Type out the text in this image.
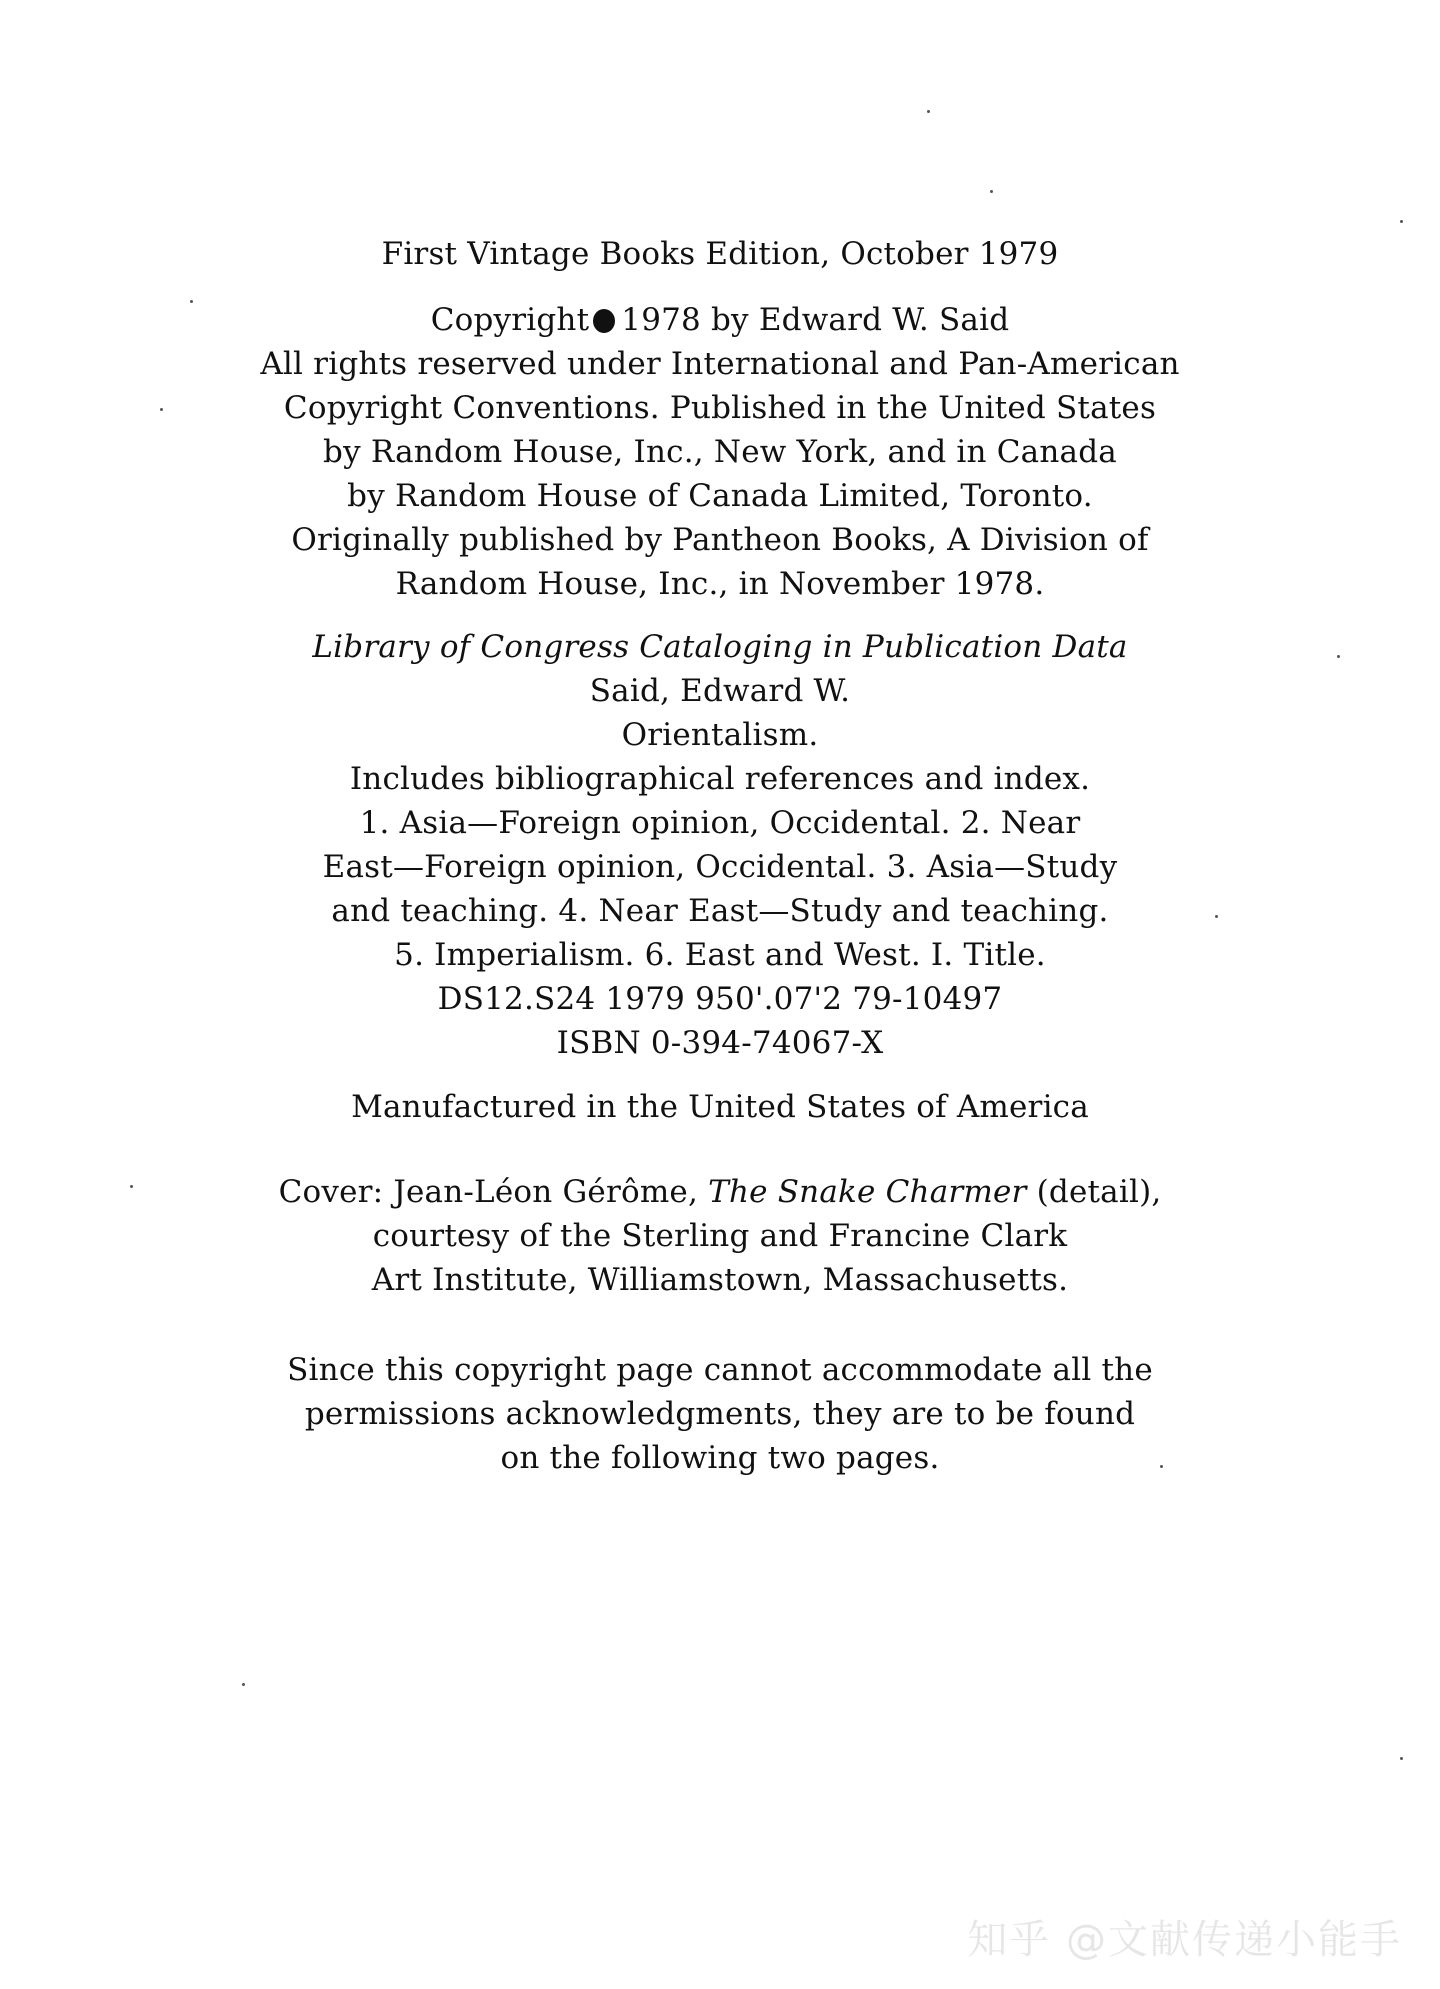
First Vintage Books Edition, October 1979
Copyright 1978 by Edward W. Said
All rights reserved under International and Pan-American
Copyright Conventions. Published in the United States
by Random House, Inc., New York, and in Canada
by Random House of Canada Limited, Toronto.
Originally published by Pantheon Books, A Division of
Random House, Inc., in November 1978.
Library of Congress Cataloging in Publication Data
Said, Edward W.
Orientalism.
Includes bibliographical references and index.
1. Asia—Foreign opinion, Occidental. 2. Near
East—Foreign opinion, Occidental. 3. Asia—Study
and teaching. 4. Near East—Study and teaching.
5. Imperialism. 6. East and West. I. Title.
DS12.S24 1979 950'.07'2 79-10497
ISBN 0-394-74067-X
Manufactured in the United States of America
Cover: Jean-Léon Gérôme, The Snake Charmer (detail),
courtesy of the Sterling and Francine Clark
Art Institute, Williamstown, Massachusetts.
Since this copyright page cannot accommodate all the
permissions acknowledgments, they are to be found
on the following two pages.
知乎 @文献传递小能手
